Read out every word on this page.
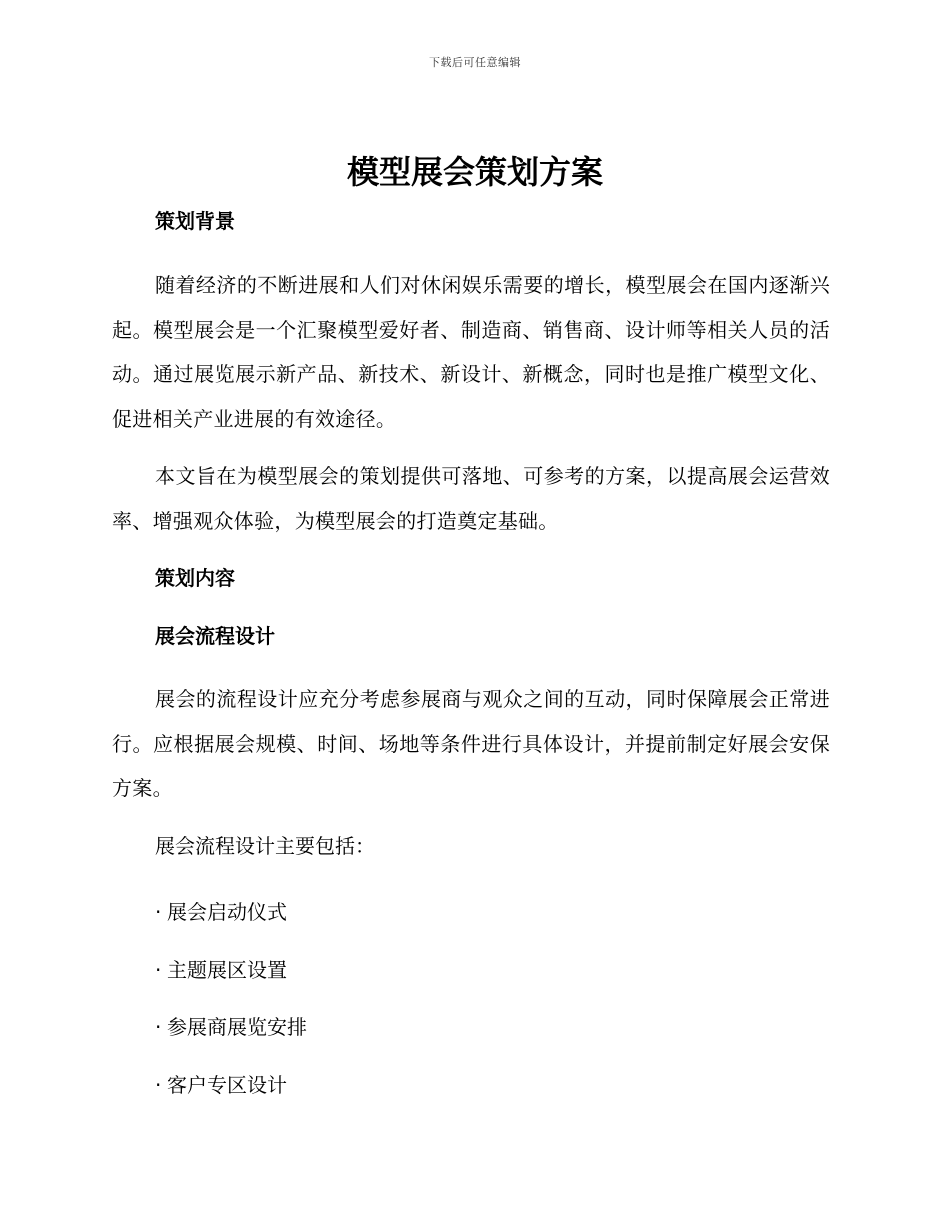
下载后可任意编辑
模型展会策划方案

策划背景

随着经济的不断进展和人们对休闲娱乐需要的增长，模型展会在国内逐渐兴起。模型展会是一个汇聚模型爱好者、制造商、销售商、设计师等相关人员的活动。通过展览展示新产品、新技术、新设计、新概念，同时也是推广模型文化、促进相关产业进展的有效途径。

本文旨在为模型展会的策划提供可落地、可参考的方案，以提高展会运营效率、增强观众体验，为模型展会的打造奠定基础。

策划内容

展会流程设计

展会的流程设计应充分考虑参展商与观众之间的互动，同时保障展会正常进行。应根据展会规模、时间、场地等条件进行具体设计，并提前制定好展会安保方案。

展会流程设计主要包括：

· 展会启动仪式

· 主题展区设置

· 参展商展览安排

· 客户专区设计
